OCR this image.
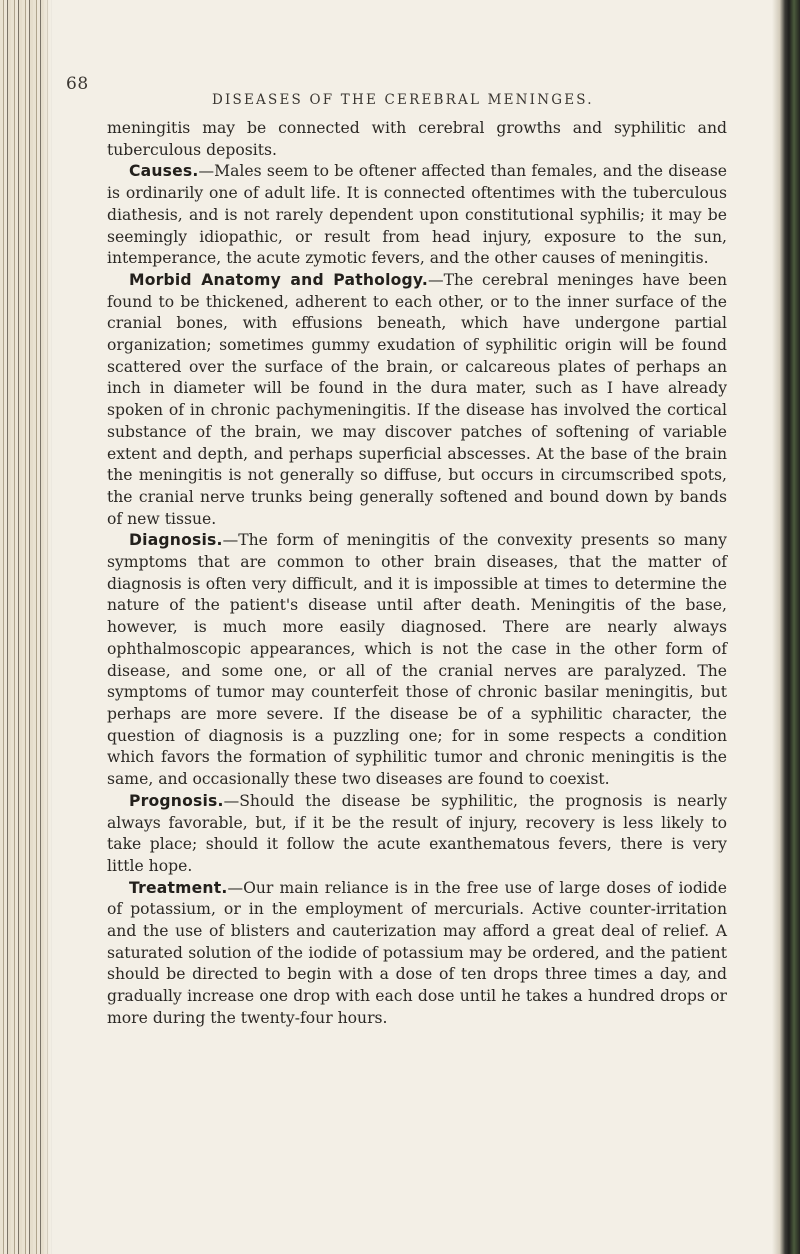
68
DISEASES OF THE CEREBRAL MENINGES.

meningitis may be connected with cerebral growths and syphilitic and tuberculous deposits.

Causes.—Males seem to be oftener affected than females, and the disease is ordinarily one of adult life. It is connected oftentimes with the tuberculous diathesis, and is not rarely dependent upon constitutional syphilis; it may be seemingly idiopathic, or result from head injury, exposure to the sun, intemperance, the acute zymotic fevers, and the other causes of meningitis.

Morbid Anatomy and Pathology.—The cerebral meninges have been found to be thickened, adherent to each other, or to the inner surface of the cranial bones, with effusions beneath, which have undergone partial organization; sometimes gummy exudation of syphilitic origin will be found scattered over the surface of the brain, or calcareous plates of perhaps an inch in diameter will be found in the dura mater, such as I have already spoken of in chronic pachymeningitis. If the disease has involved the cortical substance of the brain, we may discover patches of softening of variable extent and depth, and perhaps superficial abscesses. At the base of the brain the meningitis is not generally so diffuse, but occurs in circumscribed spots, the cranial nerve trunks being generally softened and bound down by bands of new tissue.

Diagnosis.—The form of meningitis of the convexity presents so many symptoms that are common to other brain diseases, that the matter of diagnosis is often very difficult, and it is impossible at times to determine the nature of the patient's disease until after death. Meningitis of the base, however, is much more easily diagnosed. There are nearly always ophthalmoscopic appearances, which is not the case in the other form of disease, and some one, or all of the cranial nerves are paralyzed. The symptoms of tumor may counterfeit those of chronic basilar meningitis, but perhaps are more severe. If the disease be of a syphilitic character, the question of diagnosis is a puzzling one; for in some respects a condition which favors the formation of syphilitic tumor and chronic meningitis is the same, and occasionally these two diseases are found to coexist.

Prognosis.—Should the disease be syphilitic, the prognosis is nearly always favorable, but, if it be the result of injury, recovery is less likely to take place; should it follow the acute exanthematous fevers, there is very little hope.

Treatment.—Our main reliance is in the free use of large doses of iodide of potassium, or in the employment of mercurials. Active counter-irritation and the use of blisters and cauterization may afford a great deal of relief. A saturated solution of the iodide of potassium may be ordered, and the patient should be directed to begin with a dose of ten drops three times a day, and gradually increase one drop with each dose until he takes a hundred drops or more during the twenty-four hours.
